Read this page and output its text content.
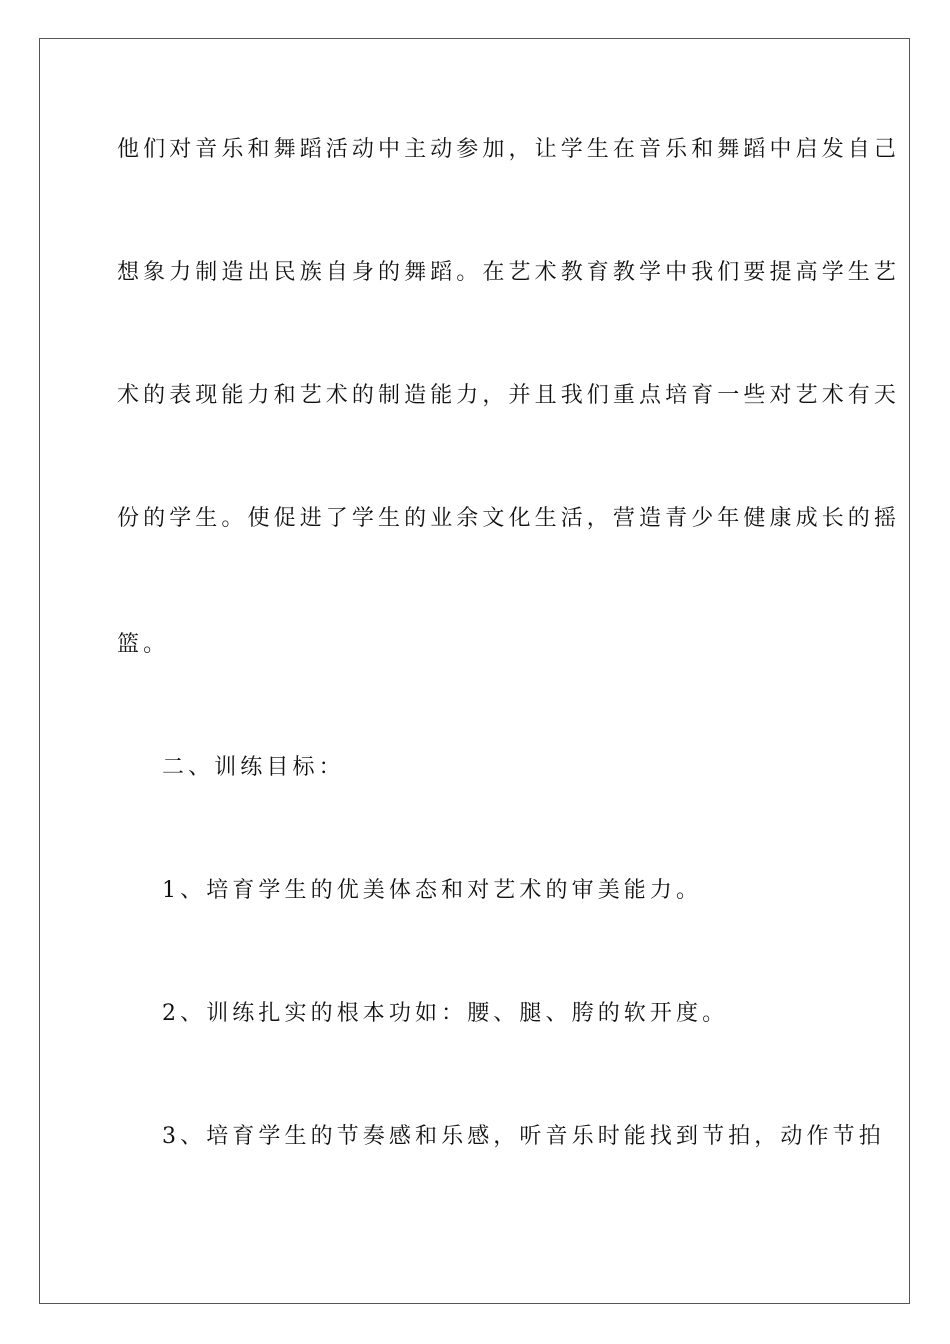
他们对音乐和舞蹈活动中主动参加，让学生在音乐和舞蹈中启发自己
想象力制造出民族自身的舞蹈。在艺术教育教学中我们要提高学生艺
术的表现能力和艺术的制造能力，并且我们重点培育一些对艺术有天
份的学生。使促进了学生的业余文化生活，营造青少年健康成长的摇
篮。
二、训练目标：
1、培育学生的优美体态和对艺术的审美能力。
2、训练扎实的根本功如：腰、腿、胯的软开度。
3、培育学生的节奏感和乐感，听音乐时能找到节拍，动作节拍
